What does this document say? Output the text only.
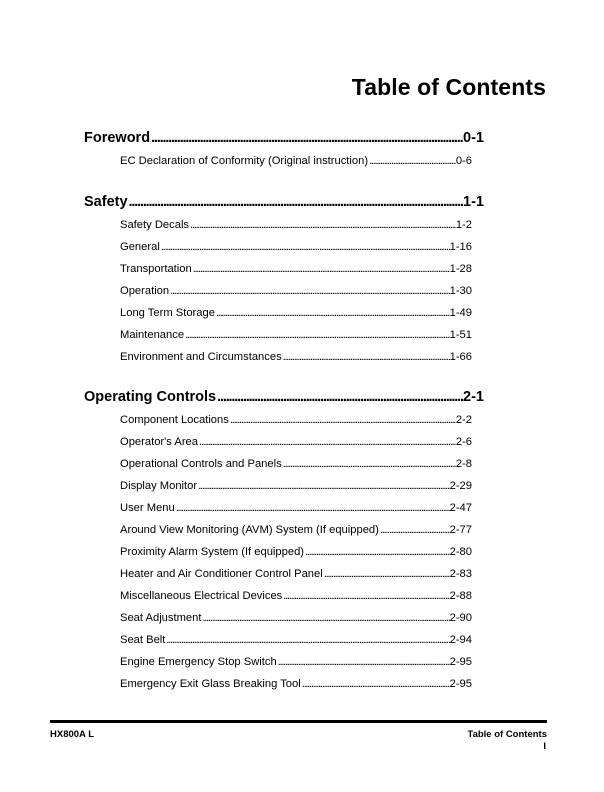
Table of Contents
Foreword . . .	0-1
EC Declaration of Conformity (Original instruction) . . .	0-6
Safety . . .	1-1
Safety Decals . . .	1-2
General . . .	1-16
Transportation . . .	1-28
Operation . . .	1-30
Long Term Storage . . .	1-49
Maintenance . . .	1-51
Environment and Circumstances . . .	1-66
Operating Controls . . .	2-1
Component Locations . . .	2-2
Operator's Area . . .	2-6
Operational Controls and Panels . . .	2-8
Display Monitor . . .	2-29
User Menu . . .	2-47
Around View Monitoring (AVM) System (If equipped) . . .	2-77
Proximity Alarm System (If equipped) . . .	2-80
Heater and Air Conditioner Control Panel . . .	2-83
Miscellaneous Electrical Devices . . .	2-88
Seat Adjustment . . .	2-90
Seat Belt . . .	2-94
Engine Emergency Stop Switch . . .	2-95
Emergency Exit Glass Breaking Tool . . .	2-95
HX800A L	Table of Contents
I
